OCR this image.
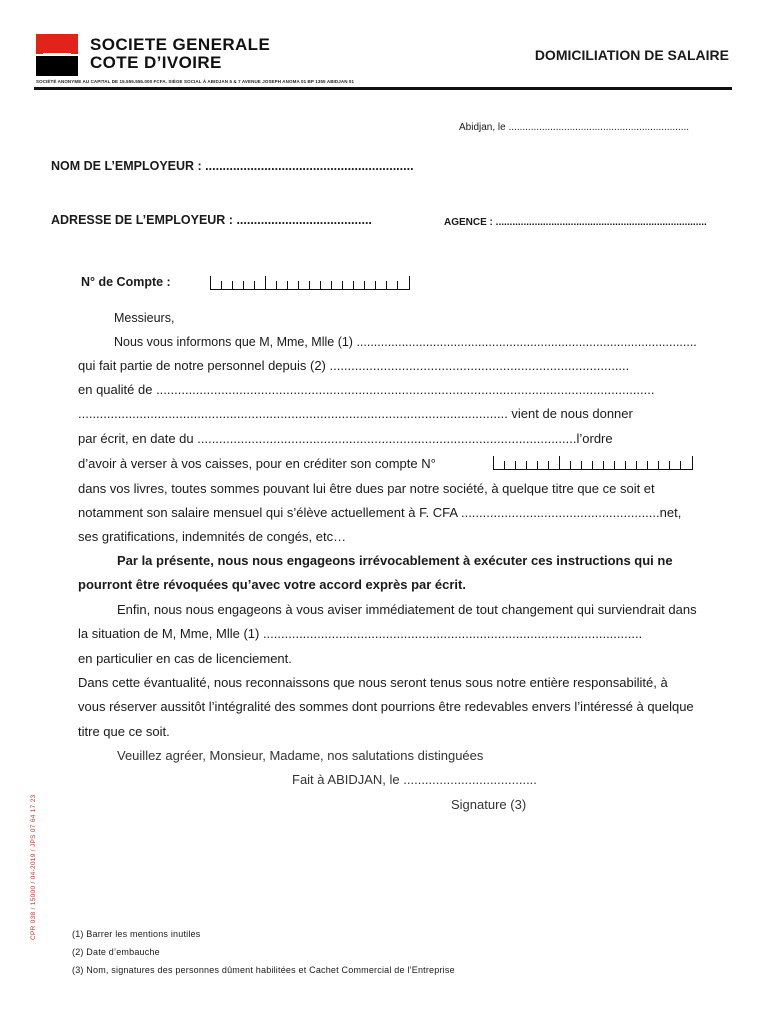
SOCIETE GENERALE
COTE D’IVOIRE
SOCIÉTÉ ANONYME AU CAPITAL DE 15.555.555.000 FCFA. SIÈGE SOCIAL À ABIDJAN 5 & 7 AVENUE JOSEPH ANOMA 01 BP 1355 ABIDJAN 01
DOMICILIATION DE SALAIRE
Abidjan, le .................................................................
NOM DE L’EMPLOYEUR : ............................................................
ADRESSE DE L’EMPLOYEUR : .......................................	AGENCE : ............................................................................
N° de Compte :
Messieurs,
Nous vous informons que M, Mme, Mlle (1) ..................................................................................................
qui fait partie de notre personnel depuis (2) ...................................................................................
en qualité de ..........................................................................................................................................
....................................................................................................................... vient de nous donner
par écrit, en date du .........................................................................................................l’ordre
d’avoir à verser à vos caisses, pour en créditer son compte N°
dans vos livres, toutes sommes pouvant lui être dues par notre société, à quelque titre que ce soit et
notamment son salaire mensuel qui s’élève actuellement à F. CFA .......................................................net,
ses gratifications, indemnités de congés, etc…
Par la présente, nous nous engageons irrévocablement à exécuter ces instructions qui ne
pourront être révoquées qu’avec votre accord exprès par écrit.
Enfin, nous nous engageons à vous aviser immédiatement de tout changement qui surviendrait dans
la situation de M, Mme, Mlle (1) .........................................................................................................
en particulier en cas de licenciement.
Dans cette évantualité, nous reconnaissons que nous seront tenus sous notre entière responsabilité, à
vous réserver aussitôt l’intégralité des sommes dont pourrions être redevables envers l’intéressé à quelque
titre que ce soit.
Veuillez agréer, Monsieur, Madame, nos salutations distinguées
Fait à ABIDJAN, le .....................................
Signature (3)
CPR 038 / 15000 / 04-2019 / JPS 07 64 17 23	(1) Barrer les mentions inutiles
(2) Date d’embauche
(3) Nom, signatures des personnes dûment habilitées et Cachet Commercial de l’Entreprise
